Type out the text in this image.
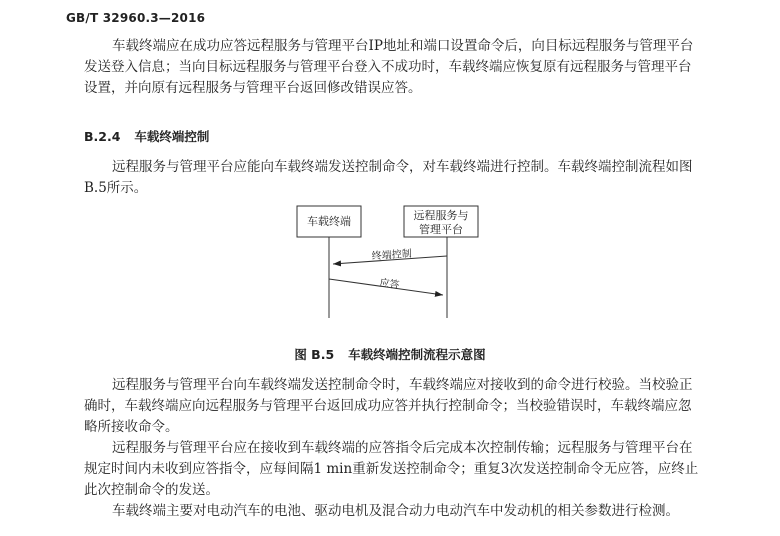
GB/T 32960.3—2016

车载终端应在成功应答远程服务与管理平台IP地址和端口设置命令后，向目标远程服务与管理平台发送登入信息；当向目标远程服务与管理平台登入不成功时，车载终端应恢复原有远程服务与管理平台设置，并向原有远程服务与管理平台返回修改错误应答。

B.2.4 车载终端控制

远程服务与管理平台应能向车载终端发送控制命令，对车载终端进行控制。车载终端控制流程如图B.5所示。

车载终端	远程服务与
管理平台
终端控制
应答
图 B.5 车载终端控制流程示意图

远程服务与管理平台向车载终端发送控制命令时，车载终端应对接收到的命令进行校验。当校验正确时，车载终端应向远程服务与管理平台返回成功应答并执行控制命令；当校验错误时，车载终端应忽略所接收命令。

远程服务与管理平台应在接收到车载终端的应答指令后完成本次控制传输；远程服务与管理平台在规定时间内未收到应答指令，应每间隔1 min重新发送控制命令；重复3次发送控制命令无应答，应终止此次控制命令的发送。

车载终端主要对电动汽车的电池、驱动电机及混合动力电动汽车中发动机的相关参数进行检测。
